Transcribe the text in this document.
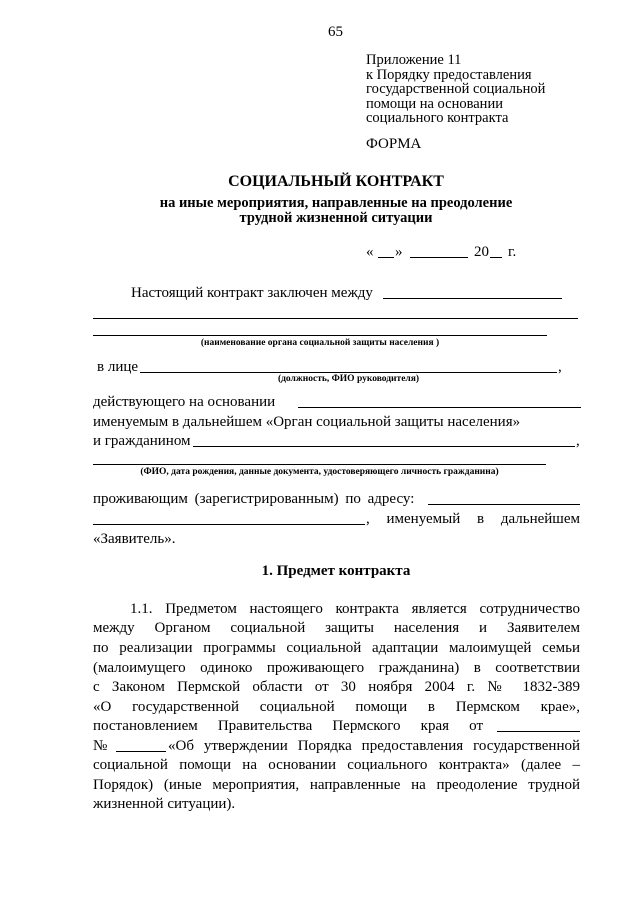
65
Приложение 11
к Порядку предоставления
государственной социальной
помощи на основании
социального контракта
ФОРМА
СОЦИАЛЬНЫЙ КОНТРАКТ
на иные мероприятия, направленные на преодоление
трудной жизненной ситуации
« »	20 г.
Настоящий контракт заключен между
(наименование органа социальной защиты населения )
в лице	,
(должность, ФИО руководителя)
действующего на основании
именуемым в дальнейшем «Орган социальной защиты населения»
и гражданином	,
(ФИО, дата рождения, данные документа, удостоверяющего личность гражданина)
проживающим (зарегистрированным) по адресу:
, именуемый в дальнейшем
«Заявитель».
1. Предмет контракта
1.1. Предметом настоящего контракта является сотрудничество
между Органом социальной защиты населения и Заявителем
по реализации программы социальной адаптации малоимущей семьи
(малоимущего одиноко проживающего гражданина) в соответствии
с Законом Пермской области от 30 ноября 2004 г. № 1832-389
«О государственной социальной помощи в Пермском крае»,
постановлением Правительства Пермского края от
№	«Об утверждении Порядка предоставления государственной
социальной помощи на основании социального контракта» (далее –
Порядок) (иные мероприятия, направленные на преодоление трудной
жизненной ситуации).
